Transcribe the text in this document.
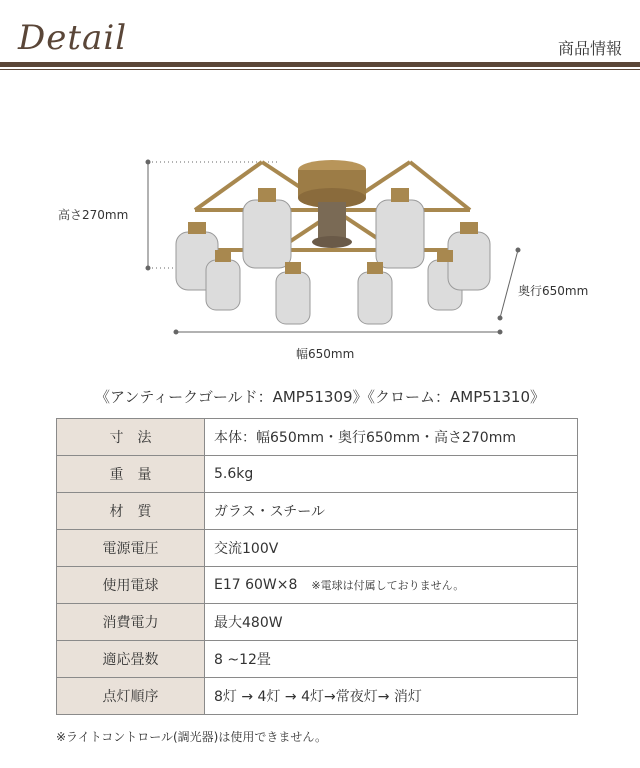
Detail	商品情報
高さ270mm
奥行650mm
幅650mm
《アンティークゴールド：AMP51309》《クローム：AMP51310》
寸　法	本体：幅650mm・奥行650mm・高さ270mm
重　量	5.6kg
材　質	ガラス・スチール
電源電圧	交流100V
使用電球	E17 60W×8 ※電球は付属しておりません。
消費電力	最大480W
適応畳数	8 ~12畳
点灯順序	8灯 → 4灯 → 4灯→常夜灯→ 消灯
※ライトコントロール(調光器)は使用できません。
